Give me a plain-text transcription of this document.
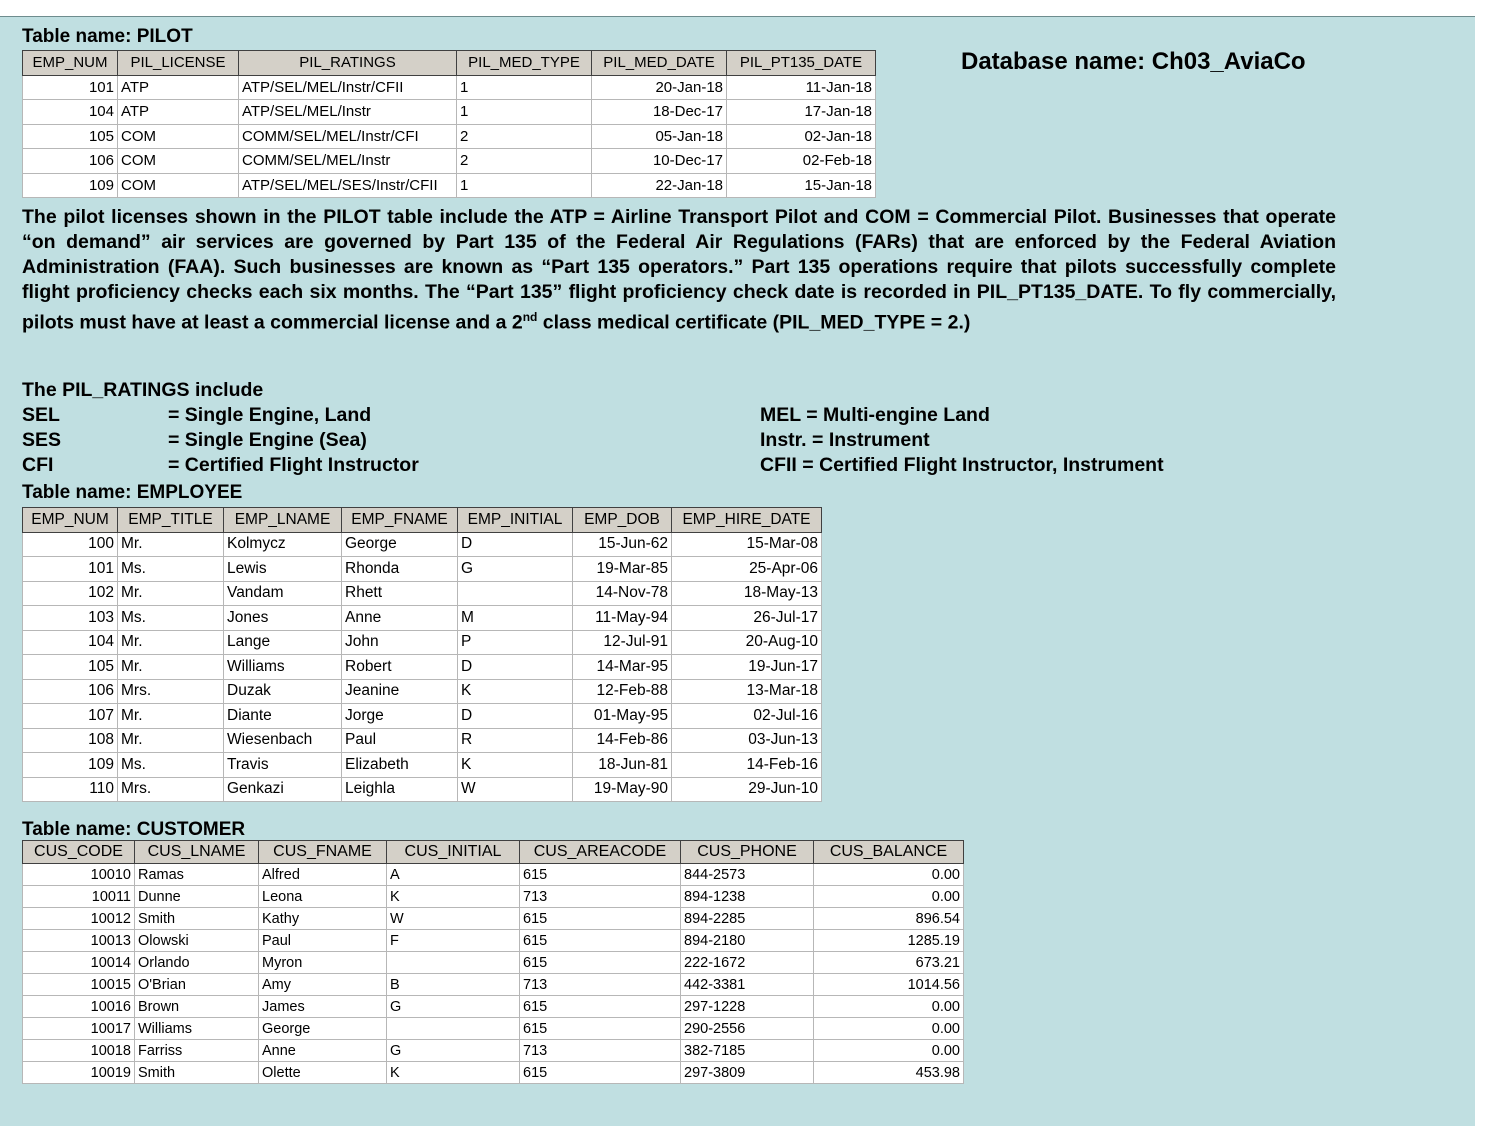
Table name: PILOT
Database name: Ch03_AviaCo
EMP_NUM	PIL_LICENSE	PIL_RATINGS	PIL_MED_TYPE	PIL_MED_DATE	PIL_PT135_DATE
101	ATP	ATP/SEL/MEL/Instr/CFII	1	20-Jan-18	11-Jan-18
104	ATP	ATP/SEL/MEL/Instr	1	18-Dec-17	17-Jan-18
105	COM	COMM/SEL/MEL/Instr/CFI	2	05-Jan-18	02-Jan-18
106	COM	COMM/SEL/MEL/Instr	2	10-Dec-17	02-Feb-18
109	COM	ATP/SEL/MEL/SES/Instr/CFII	1	22-Jan-18	15-Jan-18
The pilot licenses shown in the PILOT table include the ATP = Airline Transport Pilot and COM = Commercial Pilot. Businesses that operate “on demand” air services are governed by Part 135 of the Federal Air Regulations (FARs) that are enforced by the Federal Aviation Administration (FAA). Such businesses are known as “Part 135 operators.” Part 135 operations require that pilots successfully complete flight proficiency checks each six months. The “Part 135” flight proficiency check date is recorded in PIL_PT135_DATE. To fly commercially, pilots must have at least a commercial license and a 2nd class medical certificate (PIL_MED_TYPE = 2.)
The PIL_RATINGS include
SEL	= Single Engine, Land
SES	= Single Engine (Sea)
CFI	= Certified Flight Instructor
MEL = Multi-engine Land
Instr. = Instrument
CFII = Certified Flight Instructor, Instrument
Table name: EMPLOYEE
EMP_NUM	EMP_TITLE	EMP_LNAME	EMP_FNAME	EMP_INITIAL	EMP_DOB	EMP_HIRE_DATE
100	Mr.	Kolmycz	George	D	15-Jun-62	15-Mar-08
101	Ms.	Lewis	Rhonda	G	19-Mar-85	25-Apr-06
102	Mr.	Vandam	Rhett		14-Nov-78	18-May-13
103	Ms.	Jones	Anne	M	11-May-94	26-Jul-17
104	Mr.	Lange	John	P	12-Jul-91	20-Aug-10
105	Mr.	Williams	Robert	D	14-Mar-95	19-Jun-17
106	Mrs.	Duzak	Jeanine	K	12-Feb-88	13-Mar-18
107	Mr.	Diante	Jorge	D	01-May-95	02-Jul-16
108	Mr.	Wiesenbach	Paul	R	14-Feb-86	03-Jun-13
109	Ms.	Travis	Elizabeth	K	18-Jun-81	14-Feb-16
110	Mrs.	Genkazi	Leighla	W	19-May-90	29-Jun-10
Table name: CUSTOMER
CUS_CODE	CUS_LNAME	CUS_FNAME	CUS_INITIAL	CUS_AREACODE	CUS_PHONE	CUS_BALANCE
10010	Ramas	Alfred	A	615	844-2573	0.00
10011	Dunne	Leona	K	713	894-1238	0.00
10012	Smith	Kathy	W	615	894-2285	896.54
10013	Olowski	Paul	F	615	894-2180	1285.19
10014	Orlando	Myron		615	222-1672	673.21
10015	O'Brian	Amy	B	713	442-3381	1014.56
10016	Brown	James	G	615	297-1228	0.00
10017	Williams	George		615	290-2556	0.00
10018	Farriss	Anne	G	713	382-7185	0.00
10019	Smith	Olette	K	615	297-3809	453.98
